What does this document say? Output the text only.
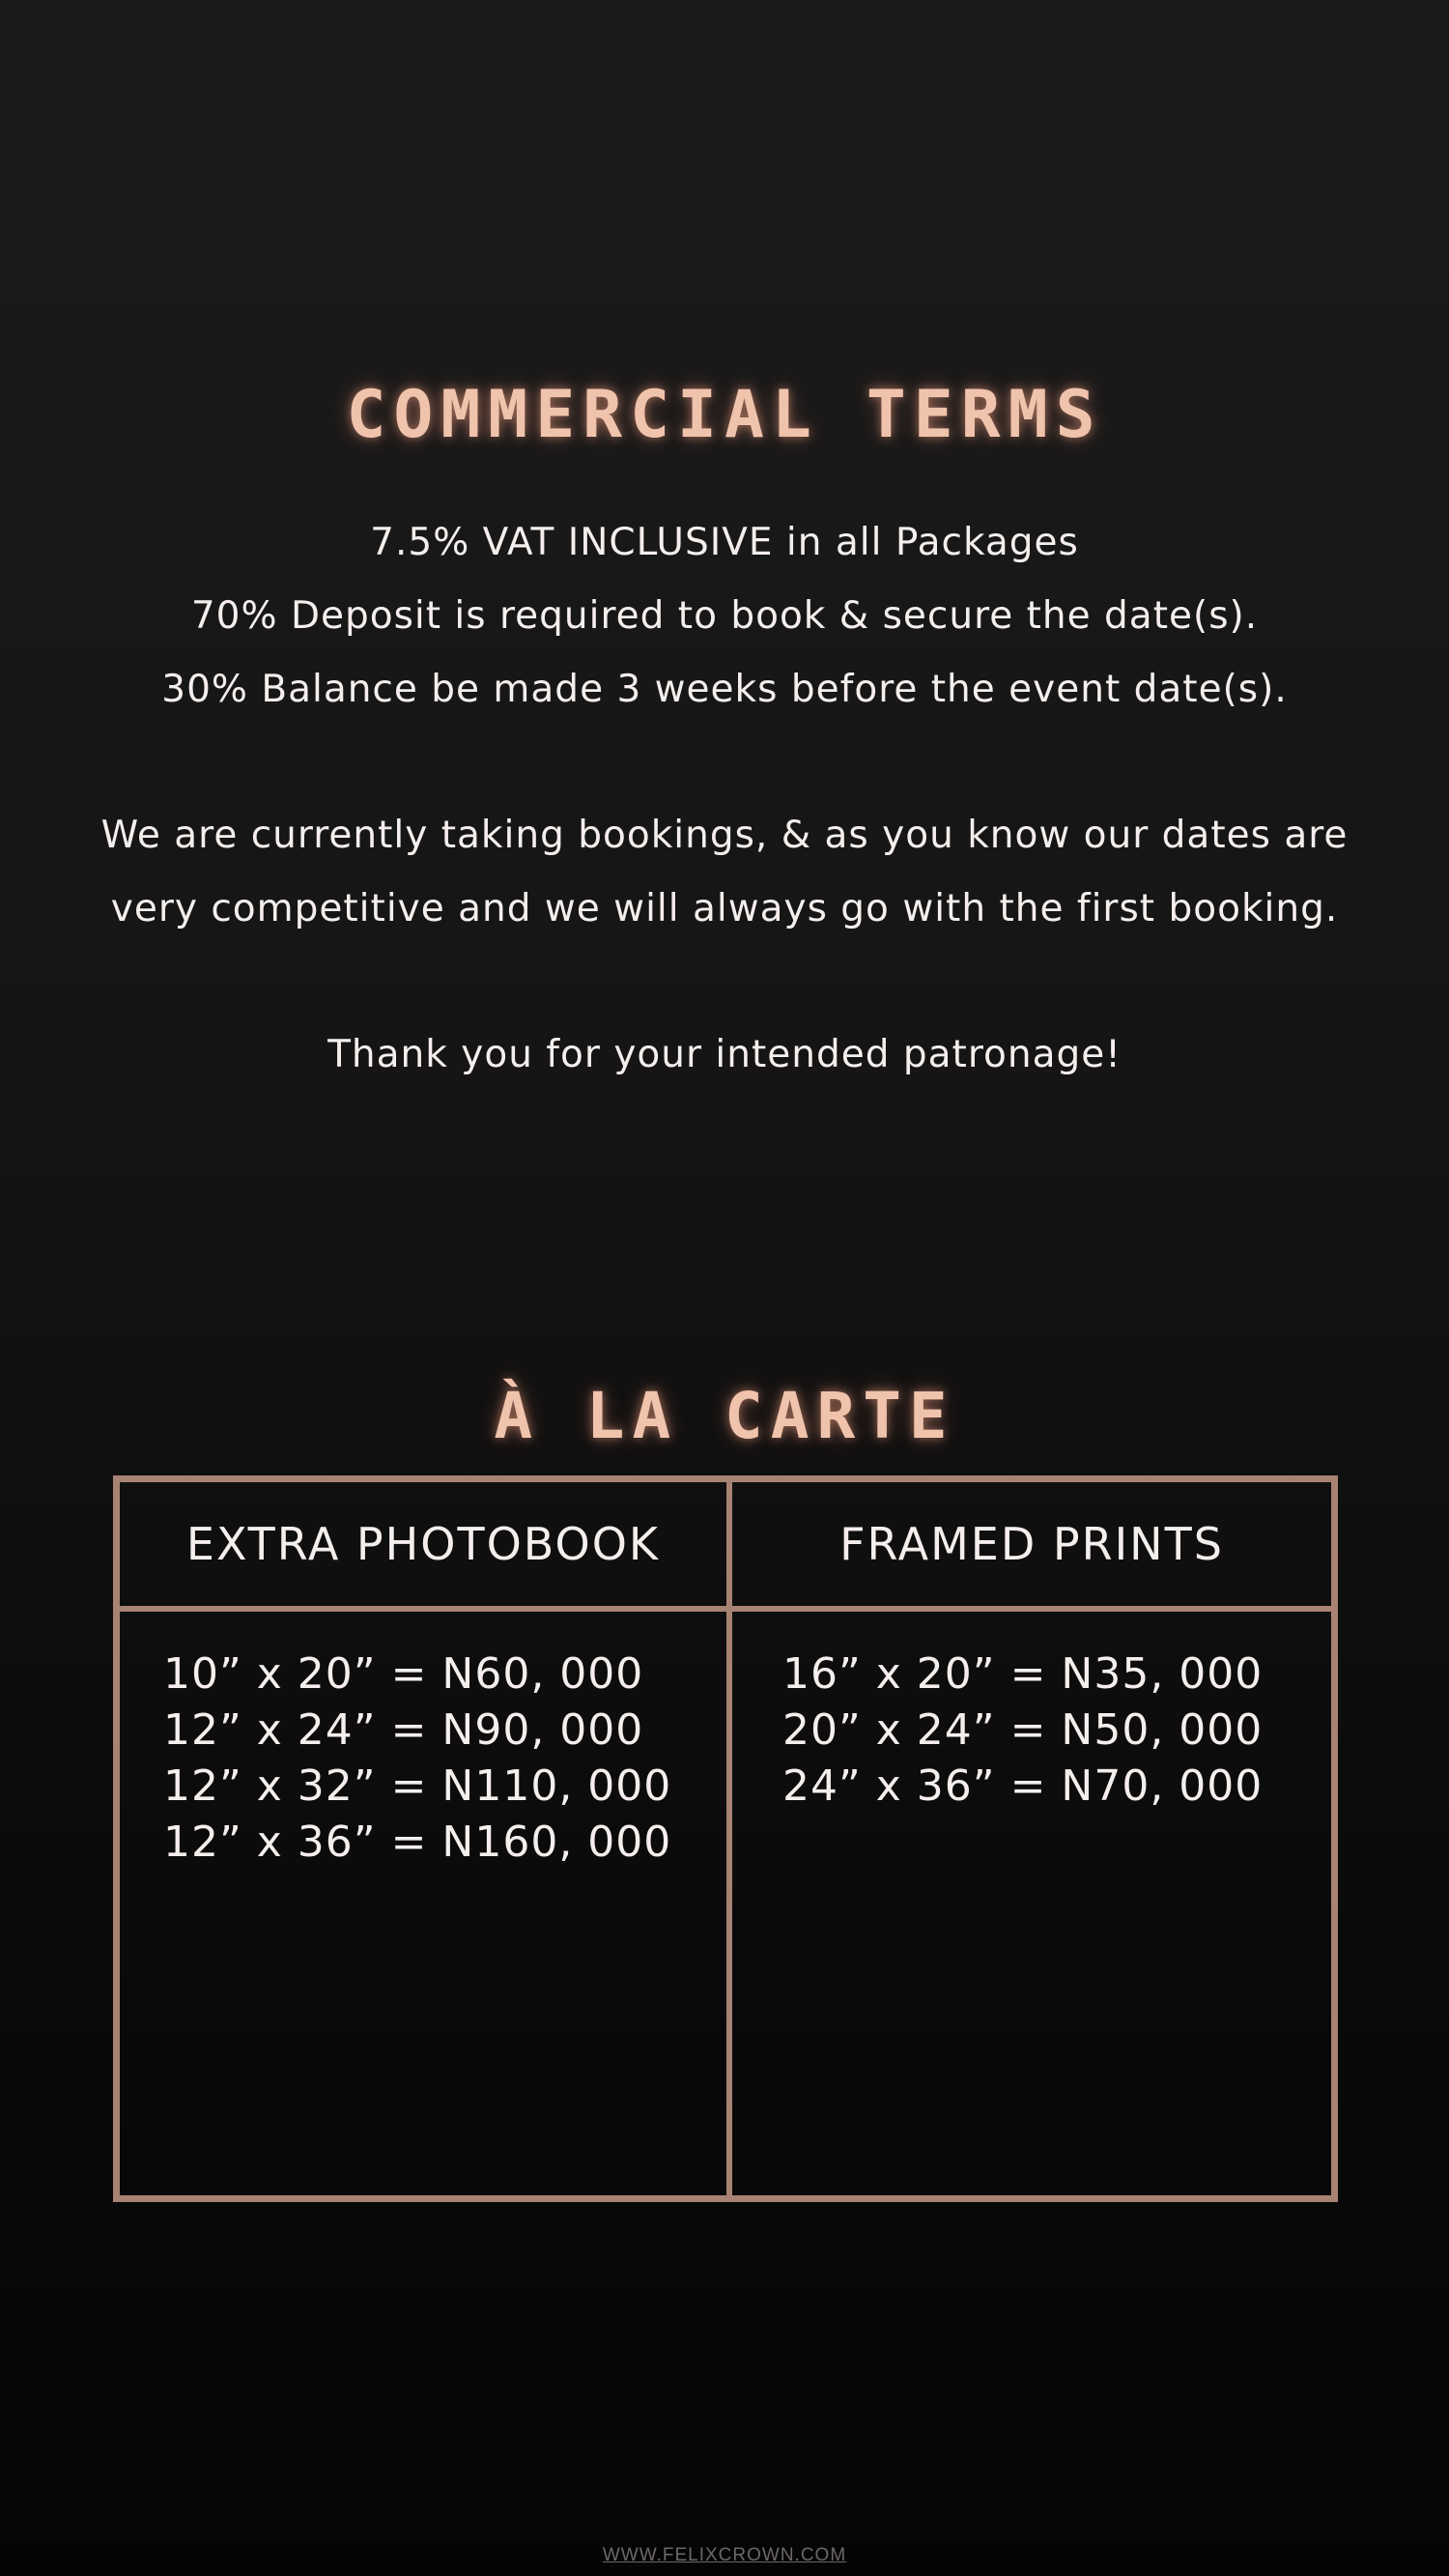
COMMERCIAL TERMS

7.5% VAT INCLUSIVE in all Packages

70% Deposit is required to book & secure the date(s).

30% Balance be made 3 weeks before the event date(s).

We are currently taking bookings, & as you know our dates are

very competitive and we will always go with the first booking.

Thank you for your intended patronage!

À LA CARTE
EXTRA PHOTOBOOK	FRAMED PRINTS
10” x 20” = N60, 000
12” x 24” = N90, 000
12” x 32” = N110, 000
12” x 36” = N160, 000
16” x 20” = N35, 000
20” x 24” = N50, 000
24” x 36” = N70, 000
WWW.FELIXCROWN.COM
